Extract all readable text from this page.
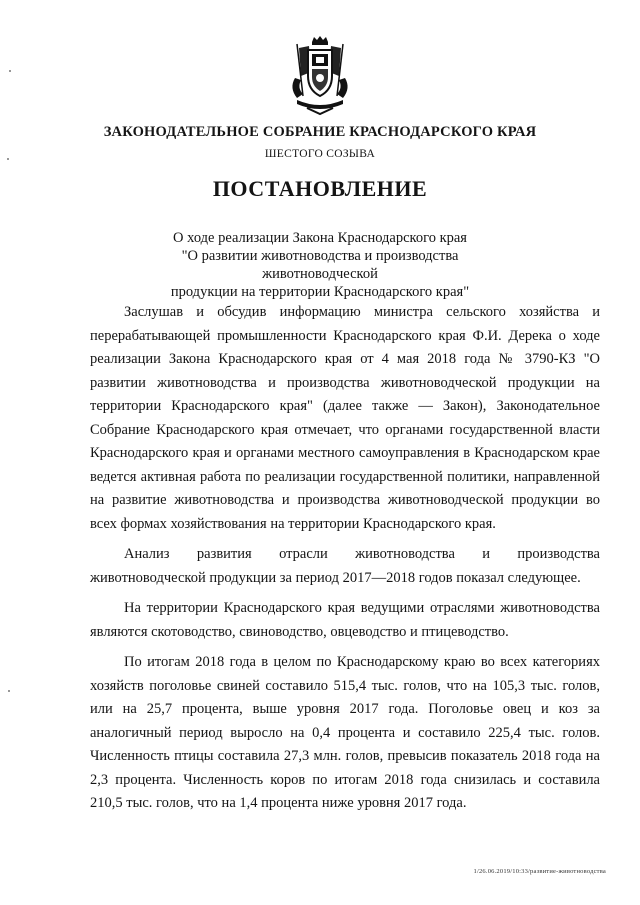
ЗАКОНОДАТЕЛЬНОЕ СОБРАНИЕ КРАСНОДАРСКОГО КРАЯ
ШЕСТОГО СОЗЫВА
ПОСТАНОВЛЕНИЕ
О ходе реализации Закона Краснодарского края
"О развитии животноводства и производства животноводческой
продукции на территории Краснодарского края"

Заслушав и обсудив информацию министра сельского хозяйства и перерабатывающей промышленности Краснодарского края Ф.И. Дерека о ходе реализации Закона Краснодарского края от 4 мая 2018 года № 3790-КЗ "О развитии животноводства и производства животноводческой продукции на территории Краснодарского края" (далее также — Закон), Законодательное Собрание Краснодарского края отмечает, что органами государственной власти Краснодарского края и органами местного самоуправления в Краснодарском крае ведется активная работа по реализации государственной политики, направленной на развитие животноводства и производства животноводческой продукции во всех формах хозяйствования на территории Краснодарского края.

Анализ развития отрасли животноводства и производства животноводческой продукции за период 2017—2018 годов показал следующее.

На территории Краснодарского края ведущими отраслями животноводства являются скотоводство, свиноводство, овцеводство и птицеводство.

По итогам 2018 года в целом по Краснодарскому краю во всех категориях хозяйств поголовье свиней составило 515,4 тыс. голов, что на 105,3 тыс. голов, или на 25,7 процента, выше уровня 2017 года. Поголовье овец и коз за аналогичный период выросло на 0,4 процента и составило 225,4 тыс. голов. Численность птицы составила 27,3 млн. голов, превысив показатель 2018 года на 2,3 процента. Численность коров по итогам 2018 года снизилась и составила 210,5 тыс. голов, что на 1,4 процента ниже уровня 2017 года.

1/26.06.2019/10:33/развитие-животноводства
